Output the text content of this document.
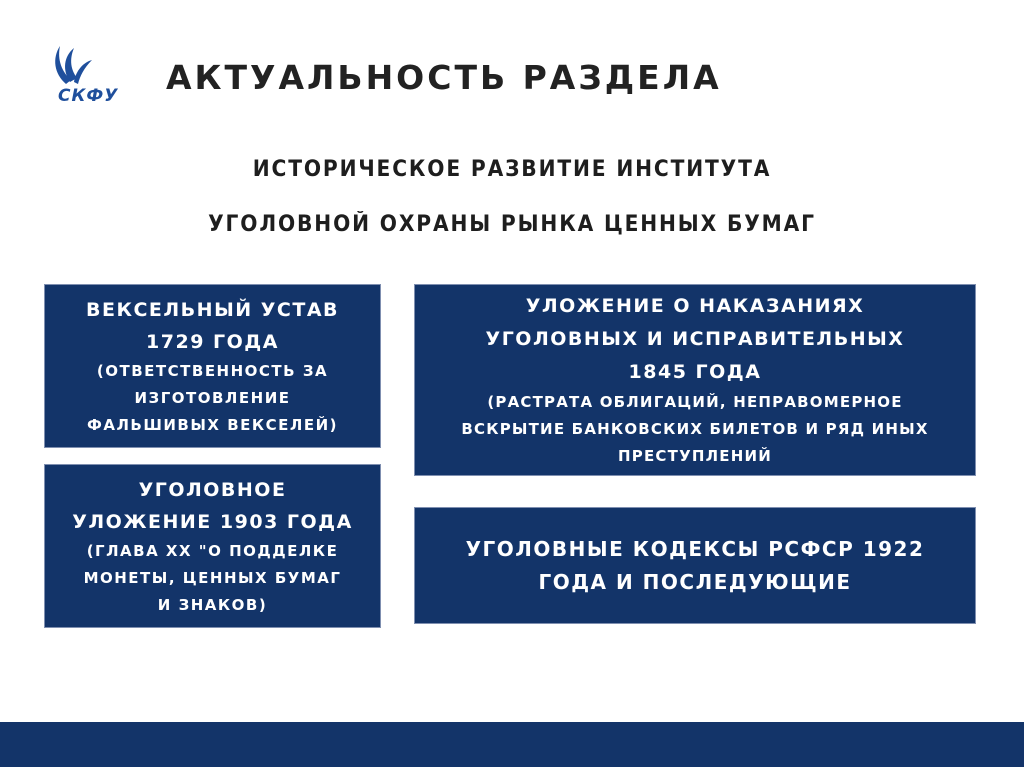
СКФУ АКТУАЛЬНОСТЬ РАЗДЕЛА
ИСТОРИЧЕСКОЕ РАЗВИТИЕ ИНСТИТУТА
УГОЛОВНОЙ ОХРАНЫ РЫНКА ЦЕННЫХ БУМАГ
ВЕКСЕЛЬНЫЙ УСТАВ
1729 ГОДА
(ОТВЕТСТВЕННОСТЬ ЗА
ИЗГОТОВЛЕНИЕ
ФАЛЬШИВЫХ ВЕКСЕЛЕЙ)
УГОЛОВНОЕ
УЛОЖЕНИЕ 1903 ГОДА
(ГЛАВА XX "О ПОДДЕЛКЕ
МОНЕТЫ, ЦЕННЫХ БУМАГ
И ЗНАКОВ)
УЛОЖЕНИЕ О НАКАЗАНИЯХ
УГОЛОВНЫХ И ИСПРАВИТЕЛЬНЫХ
1845 ГОДА
(РАСТРАТА ОБЛИГАЦИЙ, НЕПРАВОМЕРНОЕ
ВСКРЫТИЕ БАНКОВСКИХ БИЛЕТОВ И РЯД ИНЫХ
ПРЕСТУПЛЕНИЙ
УГОЛОВНЫЕ КОДЕКСЫ РСФСР 1922
ГОДА И ПОСЛЕДУЮЩИЕ
